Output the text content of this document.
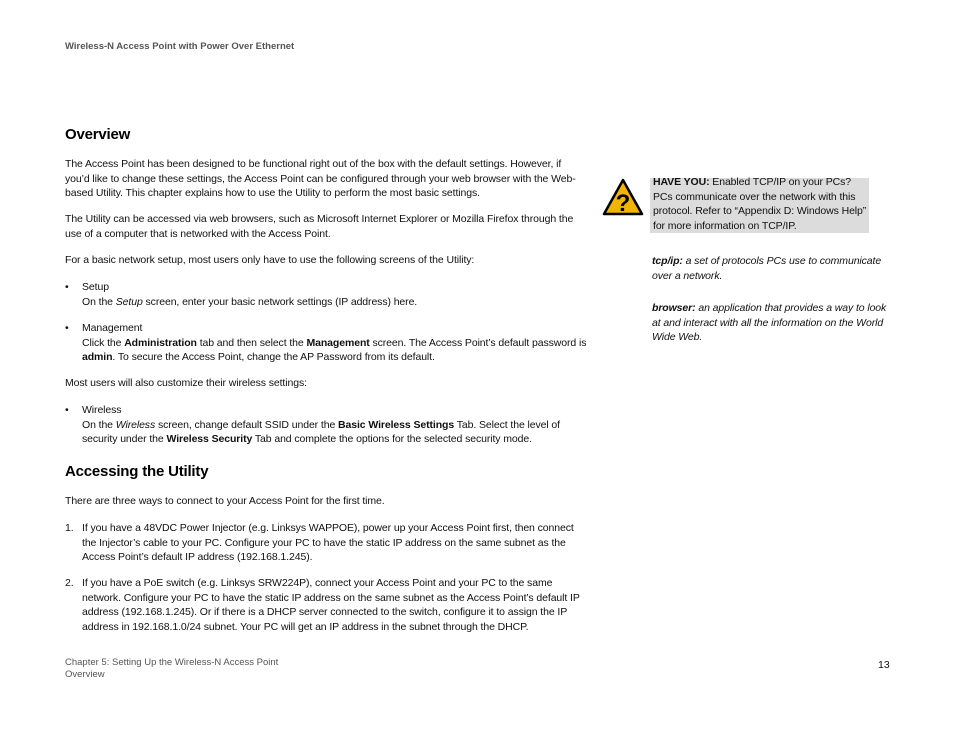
Wireless-N Access Point with Power Over Ethernet
Overview

The Access Point has been designed to be functional right out of the box with the default settings. However, if you’d like to change these settings, the Access Point can be configured through your web browser with the Web-based Utility. This chapter explains how to use the Utility to perform the most basic settings.

The Utility can be accessed via web browsers, such as Microsoft Internet Explorer or Mozilla Firefox through the use of a computer that is networked with the Access Point.

For a basic network setup, most users only have to use the following screens of the Utility:

Most users will also customize their wireless settings:

• Setup
On the Setup screen, enter your basic network settings (IP address) here.
• Management
Click the Administration tab and then select the Management screen. The Access Point’s default password is admin. To secure the Access Point, change the AP Password from its default.
• Wireless
On the Wireless screen, change default SSID under the Basic Wireless Settings Tab. Select the level of security under the Wireless Security Tab and complete the options for the selected security mode.
Accessing the Utility

There are three ways to connect to your Access Point for the first time.

1. If you have a 48VDC Power Injector (e.g. Linksys WAPPOE), power up your Access Point first, then connect the Injector’s cable to your PC. Configure your PC to have the static IP address on the same subnet as the Access Point’s default IP address (192.168.1.245).
2. If you have a PoE switch (e.g. Linksys SRW224P), connect your Access Point and your PC to the same network. Configure your PC to have the static IP address on the same subnet as the Access Point’s default IP address (192.168.1.245). Or if there is a DHCP server connected to the switch, configure it to assign the IP address in 192.168.1.0/24 subnet. Your PC will get an IP address in the subnet through the DHCP.
?
HAVE YOU: Enabled TCP/IP on your PCs? PCs communicate over the network with this protocol. Refer to “Appendix D: Windows Help” for more information on TCP/IP.
tcp/ip: a set of protocols PCs use to communicate over a network.
browser: an application that provides a way to look at and interact with all the information on the World Wide Web.
Chapter 5: Setting Up the Wireless-N Access Point
Overview
13
